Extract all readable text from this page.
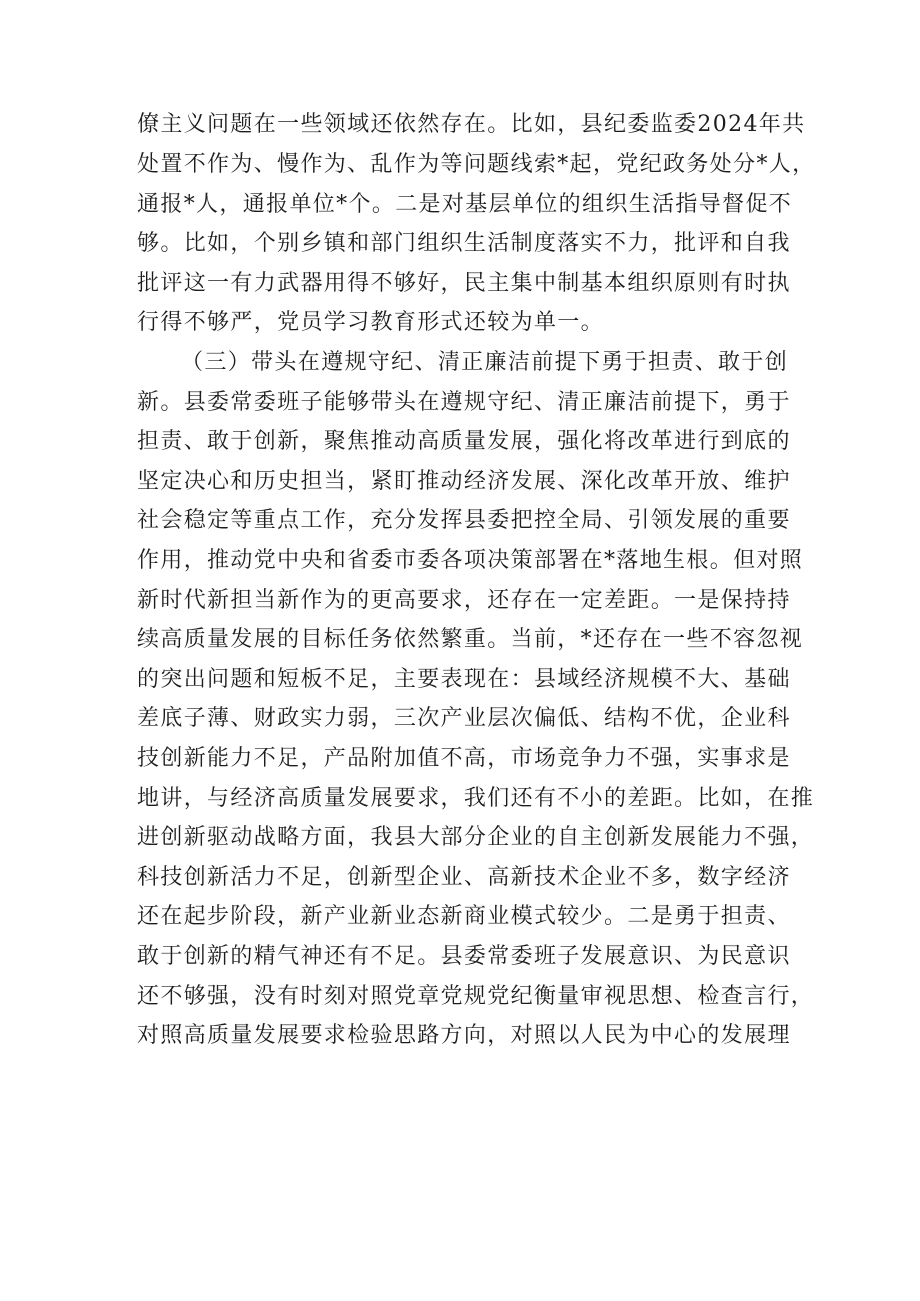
僚主义问题在一些领域还依然存在。比如，县纪委监委2024年共
处置不作为、慢作为、乱作为等问题线索*起，党纪政务处分*人，
通报*人，通报单位*个。二是对基层单位的组织生活指导督促不
够。比如，个别乡镇和部门组织生活制度落实不力，批评和自我
批评这一有力武器用得不够好，民主集中制基本组织原则有时执
行得不够严，党员学习教育形式还较为单一。
（三）带头在遵规守纪、清正廉洁前提下勇于担责、敢于创
新。县委常委班子能够带头在遵规守纪、清正廉洁前提下，勇于
担责、敢于创新，聚焦推动高质量发展，强化将改革进行到底的
坚定决心和历史担当，紧盯推动经济发展、深化改革开放、维护
社会稳定等重点工作，充分发挥县委把控全局、引领发展的重要
作用，推动党中央和省委市委各项决策部署在*落地生根。但对照
新时代新担当新作为的更高要求，还存在一定差距。一是保持持
续高质量发展的目标任务依然繁重。当前，*还存在一些不容忽视
的突出问题和短板不足，主要表现在：县域经济规模不大、基础
差底子薄、财政实力弱，三次产业层次偏低、结构不优，企业科
技创新能力不足，产品附加值不高，市场竞争力不强，实事求是
地讲，与经济高质量发展要求，我们还有不小的差距。比如，在推
进创新驱动战略方面，我县大部分企业的自主创新发展能力不强，
科技创新活力不足，创新型企业、高新技术企业不多，数字经济
还在起步阶段，新产业新业态新商业模式较少。二是勇于担责、
敢于创新的精气神还有不足。县委常委班子发展意识、为民意识
还不够强，没有时刻对照党章党规党纪衡量审视思想、检查言行，
对照高质量发展要求检验思路方向，对照以人民为中心的发展理
